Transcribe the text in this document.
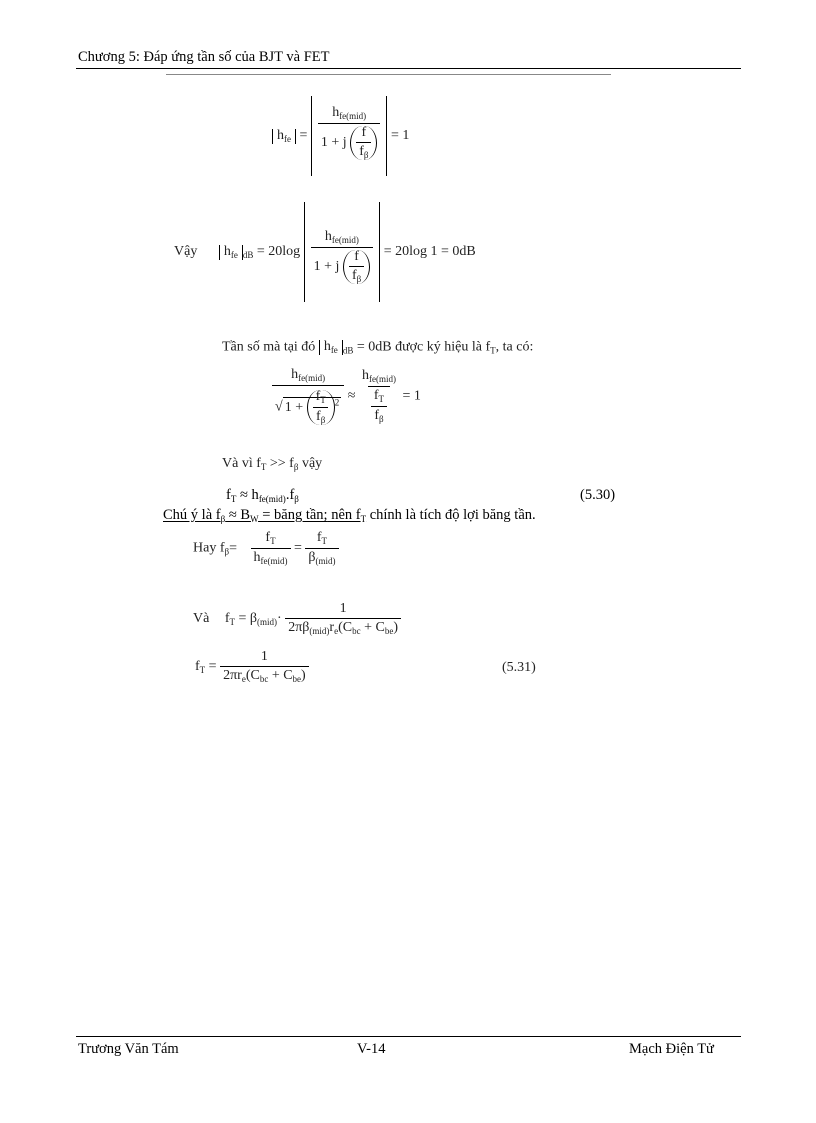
Chương 5: Đáp ứng tần số của BJT và FET
$h_{fe} = \frac{h_{fe(mid)}}{1 + j \frac{f}{f_\beta}} = 1$
Vậy $h_{fe}$ $_{dB} = 20\log \frac{h_{fe(mid)}}{1 + j \frac{f}{f_\beta}} = 20\log$ 1 = 0dB
Tần số mà tại đó $h_{fe}$ $_{dB}$ = 0dB được ký hiệu là $f_T$, ta có:
$\frac{h_{fe(mid)}}{√ 1 + \frac{f_T}{f_\beta} ^2} \approx \frac{h_{fe(mid)}}{\frac{f_T}{f_\beta}} = 1$
Và vì $f_T >> f_\beta$ vậy
$f_T \approx h_{fe(mid)}.f_\beta$	(5.30)
Chú ý là $f_\beta \approx B_W$ = băng tần; nên $f_T$ chính là tích độ lợi băng tần.
Hay $f_\beta= \frac{f_T}{h_{fe(mid)}} = \frac{f_T}{\beta_{(mid)}}$
Và $f_T = \beta_{(mid)}\cdot \frac{1}{2\pi\beta_{(mid)}r_e(C_{bc} + C_{be})}$
$f_T = \frac{1}{2\pi r_e(C_{bc} + C_{be})}$	(5.31)
Trương Văn Tám	V-14	Mạch Điện Tử
